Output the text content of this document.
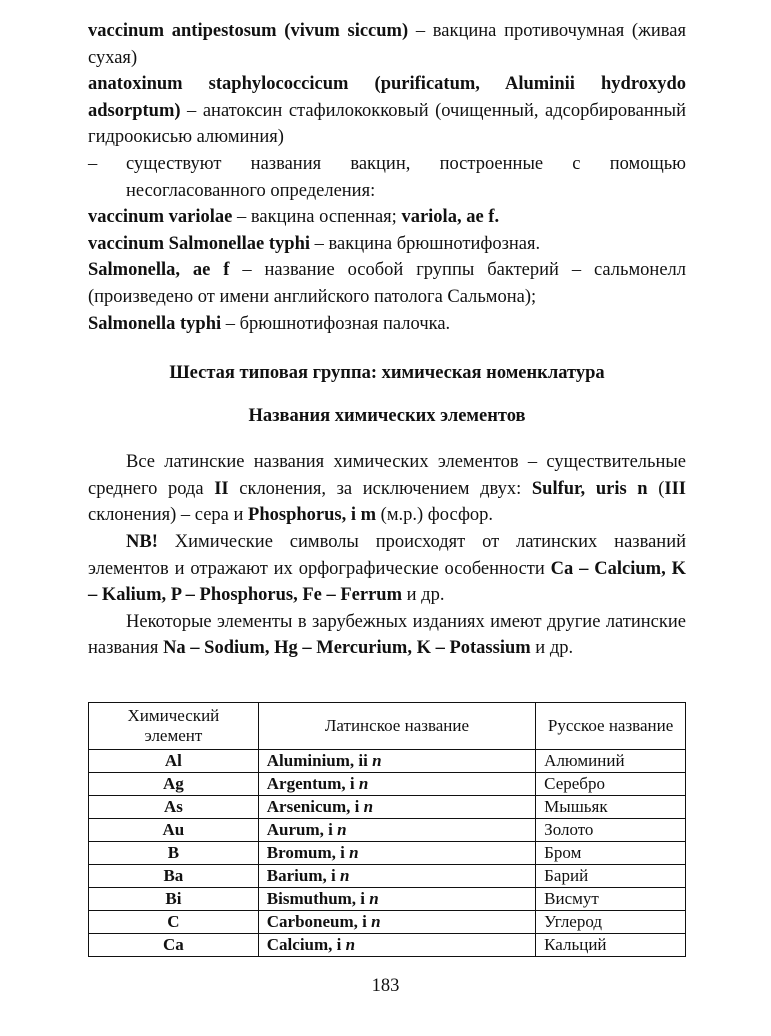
vaccinum antipestosum (vivum siccum) – вакцина противочумная (живая сухая)

anatoxinum staphylococcicum (purificatum, Aluminii hydroxydo adsorptum) – анатоксин стафилококковый (очищенный, адсорбированный гидроокисью алюминия)

– существуют названия вакцин, построенные с помощью несогласованного определения:

vaccinum variolae – вакцина оспенная; variola, ae f.

vaccinum Salmonellae typhi – вакцина брюшнотифозная.

Salmonella, ae f – название особой группы бактерий – сальмонелл (произведено от имени английского патолога Сальмона);

Salmonella typhi – брюшнотифозная палочка.

Шестая типовая группа: химическая номенклатура

Названия химических элементов

Все латинские названия химических элементов – существительные среднего рода II склонения, за исключением двух: Sulfur, uris n (III склонения) – сера и Phosphorus, i m (м.р.) фосфор.

NB! Химические символы происходят от латинских названий элементов и отражают их орфографические особенности Ca – Calcium, K – Kalium, P – Phosphorus, Fe – Ferrum и др.

Некоторые элементы в зарубежных изданиях имеют другие латинские названия Na – Sodium, Hg – Mercurium, K – Potassium и др.

Химический элемент	Латинское название	Русское название
Al	Aluminium, ii n	Алюминий
Ag	Argentum, i n	Серебро
As	Arsenicum, i n	Мышьяк
Au	Aurum, i n	Золото
B	Bromum, i n	Бром
Ba	Barium, i n	Барий
Bi	Bismuthum, i n	Висмут
C	Carboneum, i n	Углерод
Ca	Calcium, i n	Кальций
183
